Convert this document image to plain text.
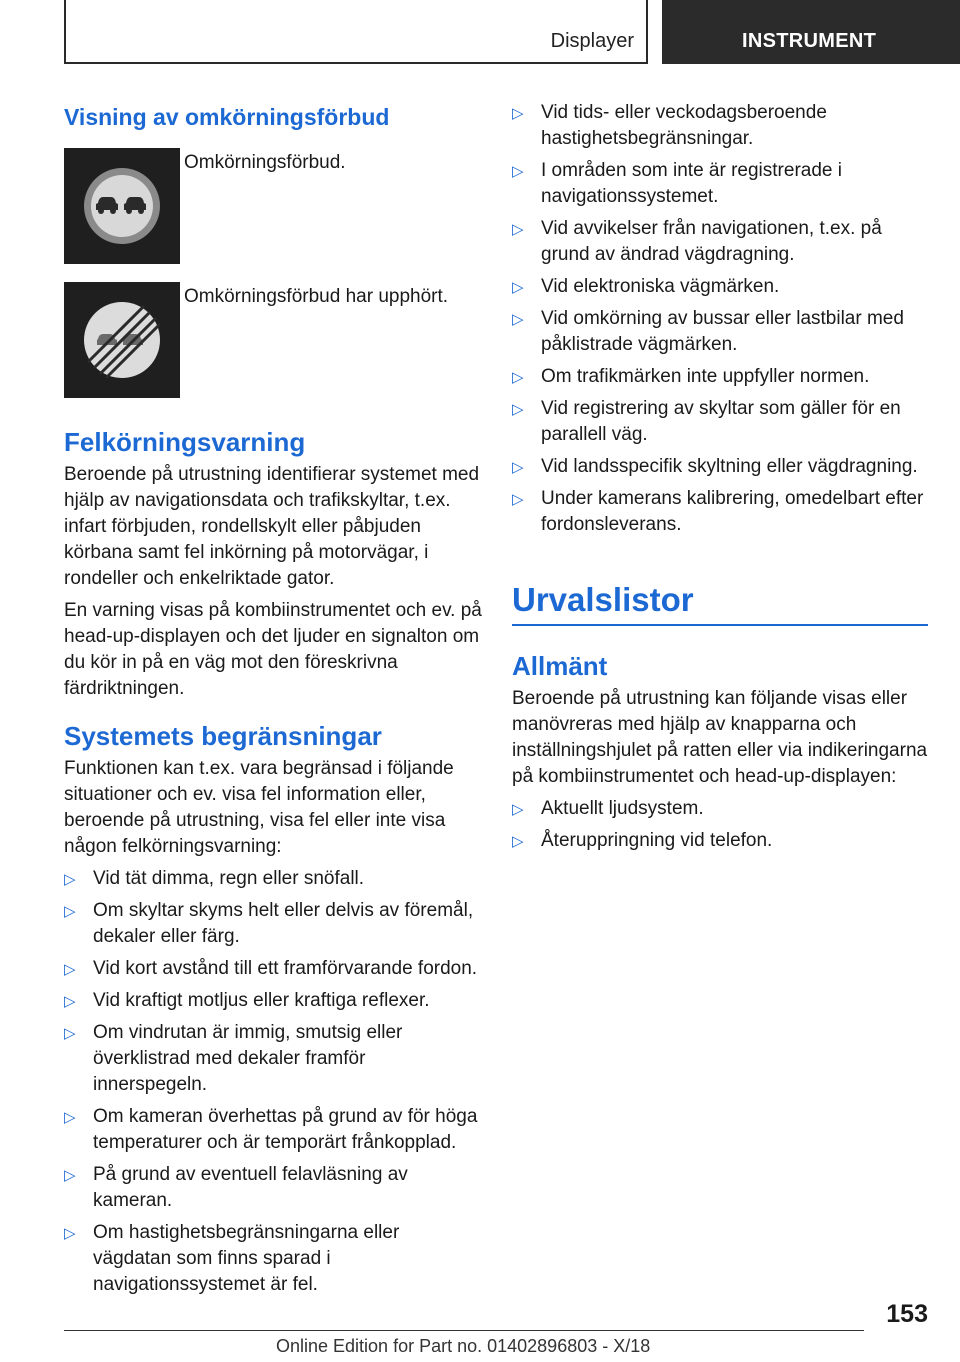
Displayer	INSTRUMENT
Visning av omkörningsförbud
Omkörningsförbud.
Omkörningsförbud har upphört.
Felkörningsvarning

Beroende på utrustning identifierar systemet med hjälp av navigationsdata och trafikskyltar, t.ex. infart förbjuden, rondellskylt eller påbjuden körbana samt fel inkörning på motorvägar, i rondeller och enkelriktade gator.

En varning visas på kombiinstrumentet och ev. på head-up-displayen och det ljuder en signalton om du kör in på en väg mot den föreskrivna färdriktningen.

Systemets begränsningar

Funktionen kan t.ex. vara begränsad i följande situationer och ev. visa fel information eller, beroende på utrustning, visa fel eller inte visa någon felkörningsvarning:

▷ Vid tät dimma, regn eller snöfall.
▷ Om skyltar skyms helt eller delvis av föremål, dekaler eller färg.
▷ Vid kort avstånd till ett framförvarande fordon.
▷ Vid kraftigt motljus eller kraftiga reflexer.
▷ Om vindrutan är immig, smutsig eller överklistrad med dekaler framför innerspegeln.
▷ Om kameran överhettas på grund av för höga temperaturer och är temporärt frånkopplad.
▷ På grund av eventuell felavläsning av kameran.
▷ Om hastighetsbegränsningarna eller vägdatan som finns sparad i navigationssystemet är fel.
▷ Vid tids- eller veckodagsberoende hastighetsbegränsningar.
▷ I områden som inte är registrerade i navigationssystemet.
▷ Vid avvikelser från navigationen, t.ex. på grund av ändrad vägdragning.
▷ Vid elektroniska vägmärken.
▷ Vid omkörning av bussar eller lastbilar med påklistrade vägmärken.
▷ Om trafikmärken inte uppfyller normen.
▷ Vid registrering av skyltar som gäller för en parallell väg.
▷ Vid landsspecifik skyltning eller vägdragning.
▷ Under kamerans kalibrering, omedelbart efter fordonsleverans.
Urvalslistor
Allmänt

Beroende på utrustning kan följande visas eller manövreras med hjälp av knapparna och inställningshjulet på ratten eller via indikeringarna på kombiinstrumentet och head-up-displayen:

▷ Aktuellt ljudsystem.
▷ Återuppringning vid telefon.
153
Online Edition for Part no. 01402896803 - X/18
